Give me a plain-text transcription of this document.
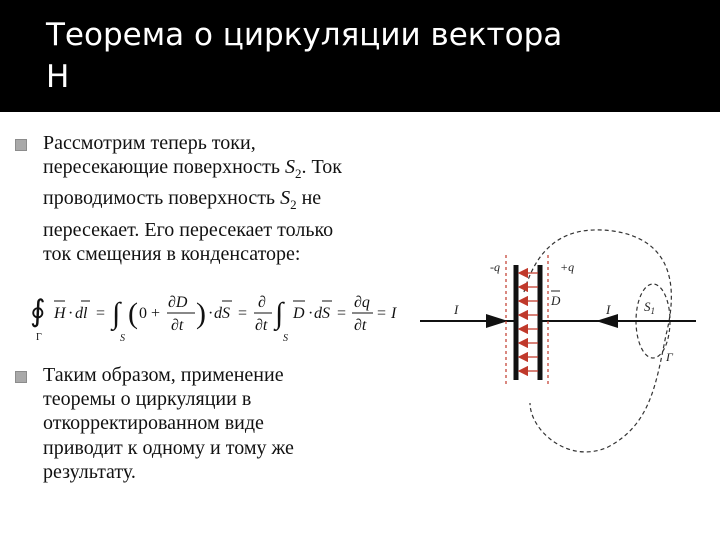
Теорема о циркуляции вектора
Н

Рассмотрим теперь токи,
пересекающие поверхность $S_2$. Ток
проводимость поверхность $S_2$ не
пересекает. Его пересекает только
ток смещения в конденсаторе:

∮
Γ
H · dl = ∫
S
( 0 +
∂D
∂t ) · dS =
∂
∂t ∫
S
D · dS =
∂q
∂t
= I

Таким образом, применение
теоремы о циркуляции в
откорректированном виде
приводит к одному и тому же
результату.

-q	+q
D
I	I	$S_1$
Γ
